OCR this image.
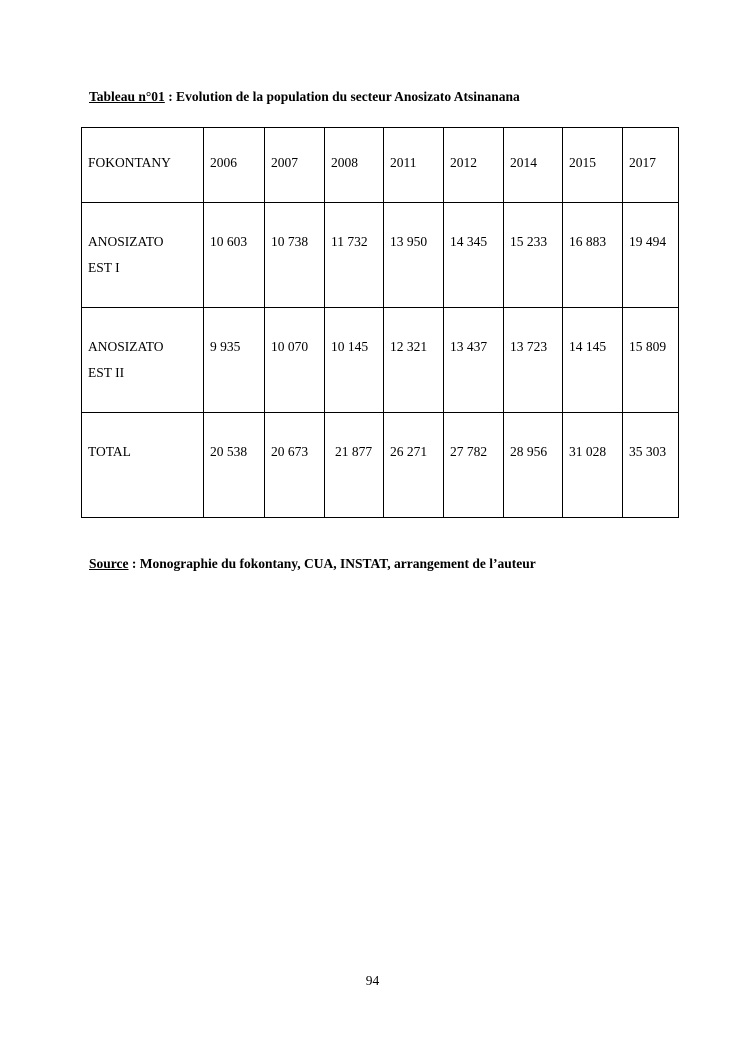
Tableau n°01 : Evolution de la population du secteur Anosizato Atsinanana
FOKONTANY	2006	2007	2008	2011	2012	2014	2015	2017

ANOSIZATO
EST I	10 603	10 738	11 732	13 950	14 345	15 233	16 883	19 494

ANOSIZATO
EST II	9 935	10 070	10 145	12 321	13 437	13 723	14 145	15 809

TOTAL	20 538	20 673	21 877	26 271	27 782	28 956	31 028	35 303
Source : Monographie du fokontany, CUA, INSTAT, arrangement de l’auteur
94
